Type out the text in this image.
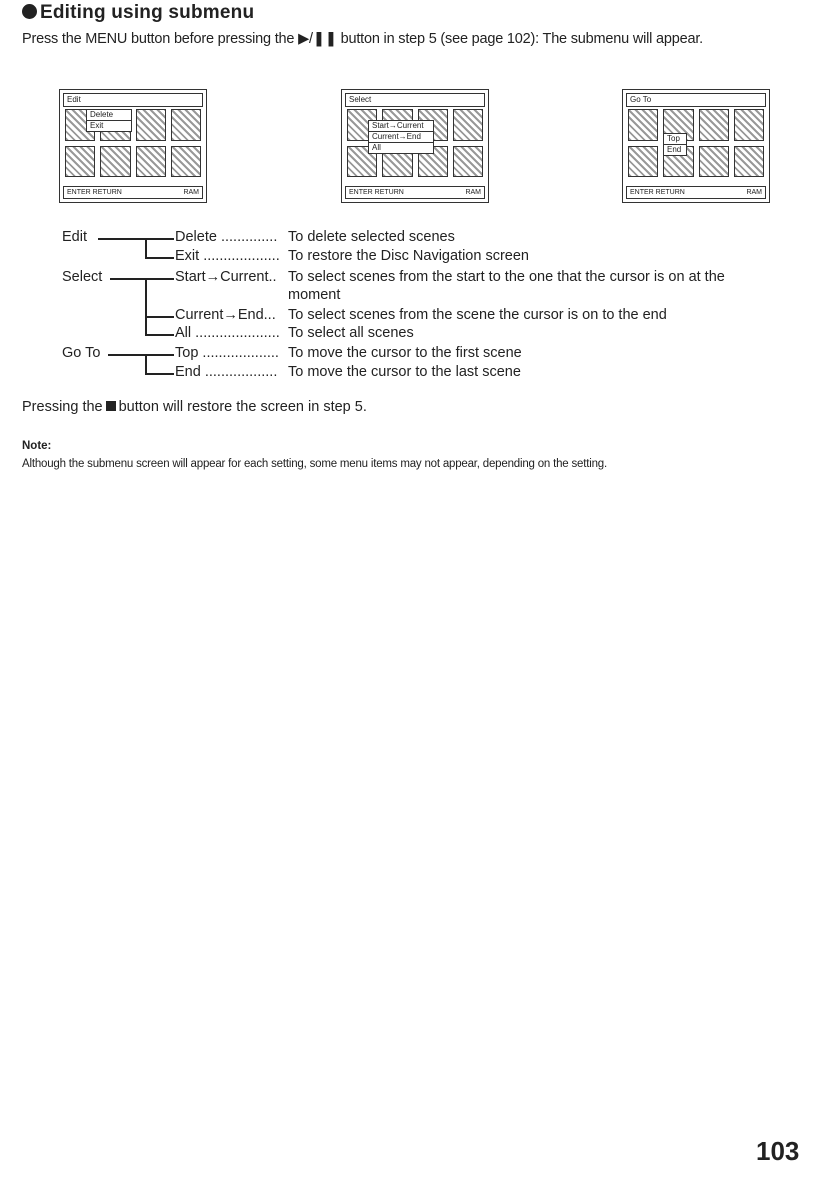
Editing using submenu
Press the MENU button before pressing the ▶/❚❚ button in step 5 (see page 102): The submenu will appear.
Edit
Delete
Exit
ENTER RETURN	RAM
Select
Start→Current
Current→End
All
ENTER RETURN	RAM
Go To
Top
End
ENTER RETURN	RAM
Edit
Select
Go To
Delete .............. To delete selected scenes
Exit ................... To restore the Disc Navigation screen
Start→Current.. To select scenes from the start to the one that the cursor is on at the
moment
Current→End... To select scenes from the scene the cursor is on to the end
All ..................... To select all scenes
Top ................... To move the cursor to the first scene
End .................. To move the cursor to the last scene
Pressing the button will restore the screen in step 5.
Note:
Although the submenu screen will appear for each setting, some menu items may not appear, depending on the setting.
103
